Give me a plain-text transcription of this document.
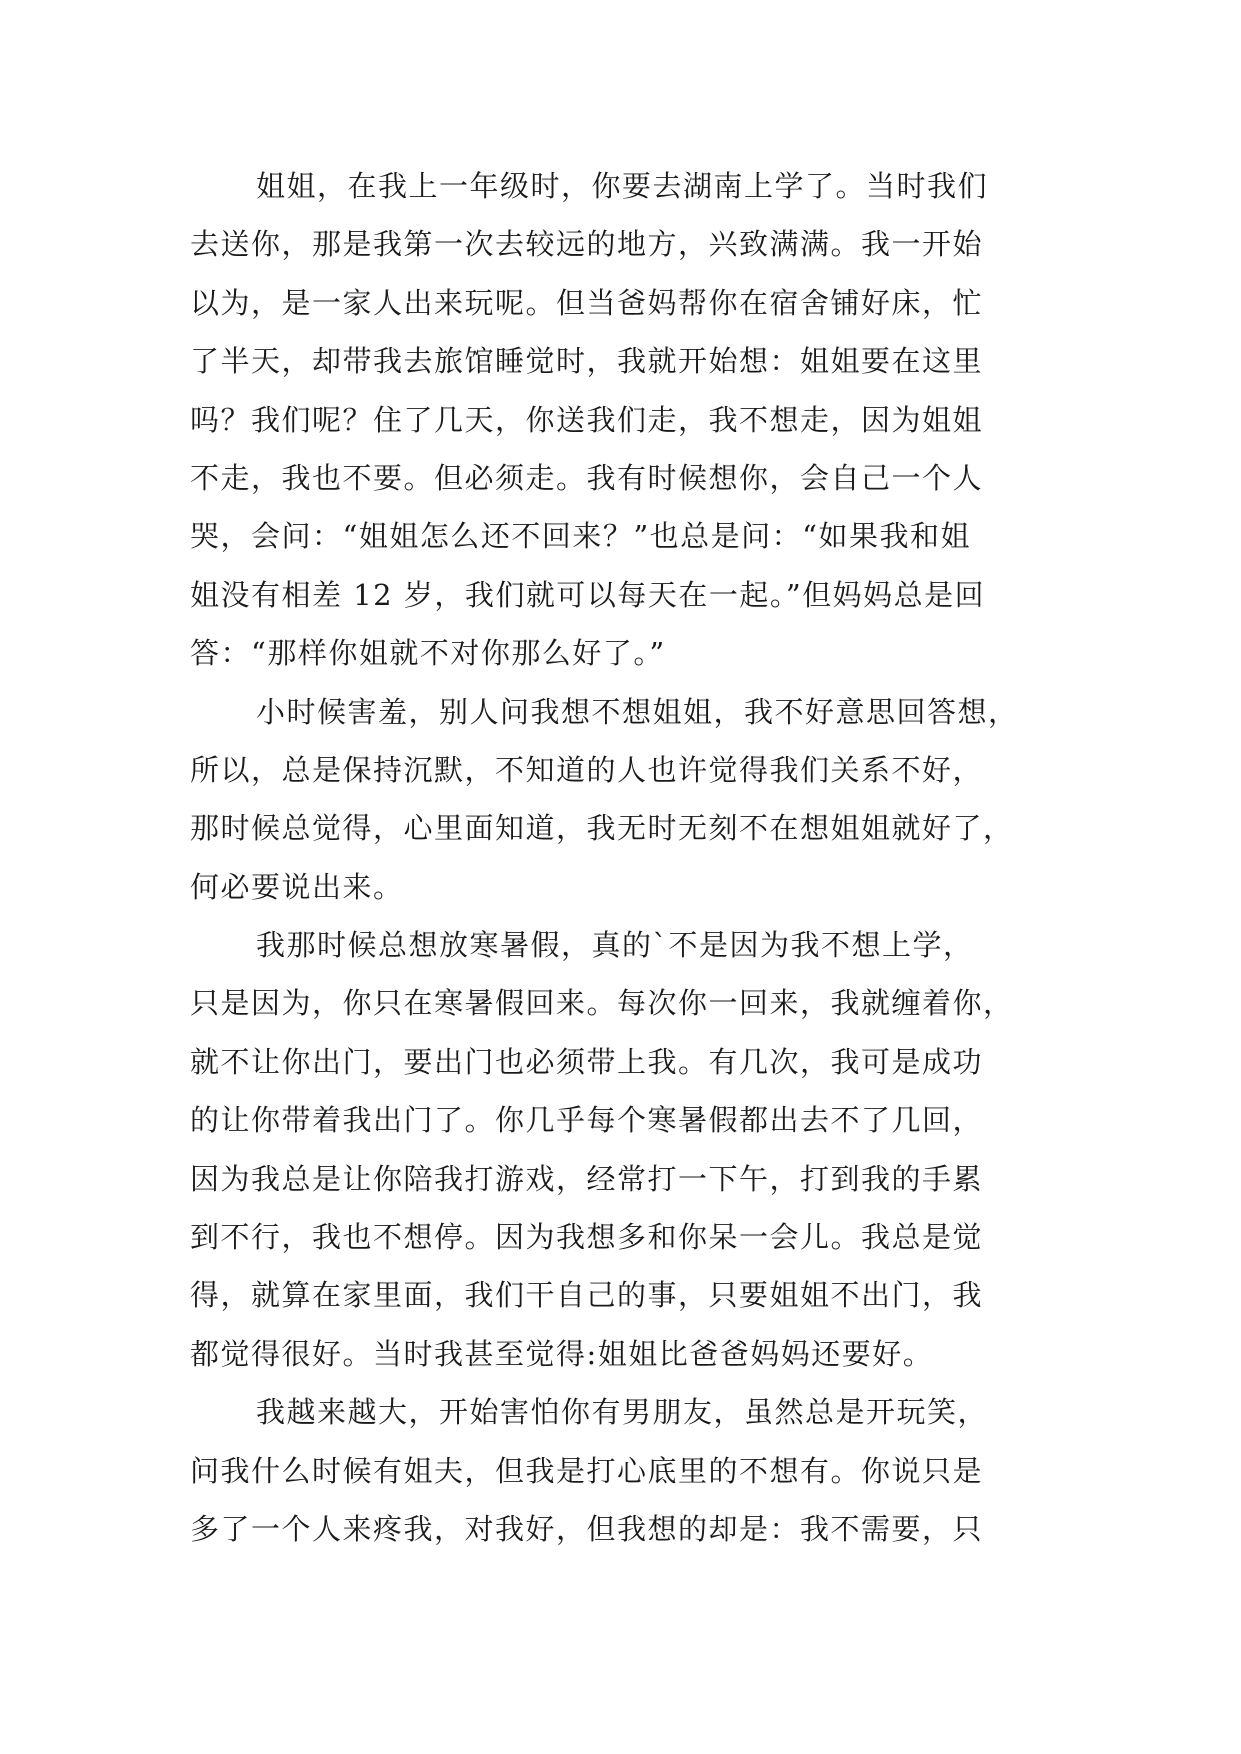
姐姐，在我上一年级时，你要去湖南上学了。当时我们
去送你，那是我第一次去较远的地方，兴致满满。我一开始
以为，是一家人出来玩呢。但当爸妈帮你在宿舍铺好床，忙
了半天，却带我去旅馆睡觉时，我就开始想：姐姐要在这里
吗？我们呢？住了几天，你送我们走，我不想走，因为姐姐
不走，我也不要。但必须走。我有时候想你，会自己一个人
哭，会问：“姐姐怎么还不回来？”也总是问：“如果我和姐
姐没有相差 12 岁，我们就可以每天在一起。”但妈妈总是回
答：“那样你姐就不对你那么好了。”
小时候害羞，别人问我想不想姐姐，我不好意思回答想，
所以，总是保持沉默，不知道的人也许觉得我们关系不好，
那时候总觉得，心里面知道，我无时无刻不在想姐姐就好了，
何必要说出来。
我那时候总想放寒暑假，真的`不是因为我不想上学，
只是因为，你只在寒暑假回来。每次你一回来，我就缠着你，
就不让你出门，要出门也必须带上我。有几次，我可是成功
的让你带着我出门了。你几乎每个寒暑假都出去不了几回，
因为我总是让你陪我打游戏，经常打一下午，打到我的手累
到不行，我也不想停。因为我想多和你呆一会儿。我总是觉
得，就算在家里面，我们干自己的事，只要姐姐不出门，我
都觉得很好。当时我甚至觉得:姐姐比爸爸妈妈还要好。
我越来越大，开始害怕你有男朋友，虽然总是开玩笑，
问我什么时候有姐夫，但我是打心底里的不想有。你说只是
多了一个人来疼我，对我好，但我想的却是：我不需要，只
